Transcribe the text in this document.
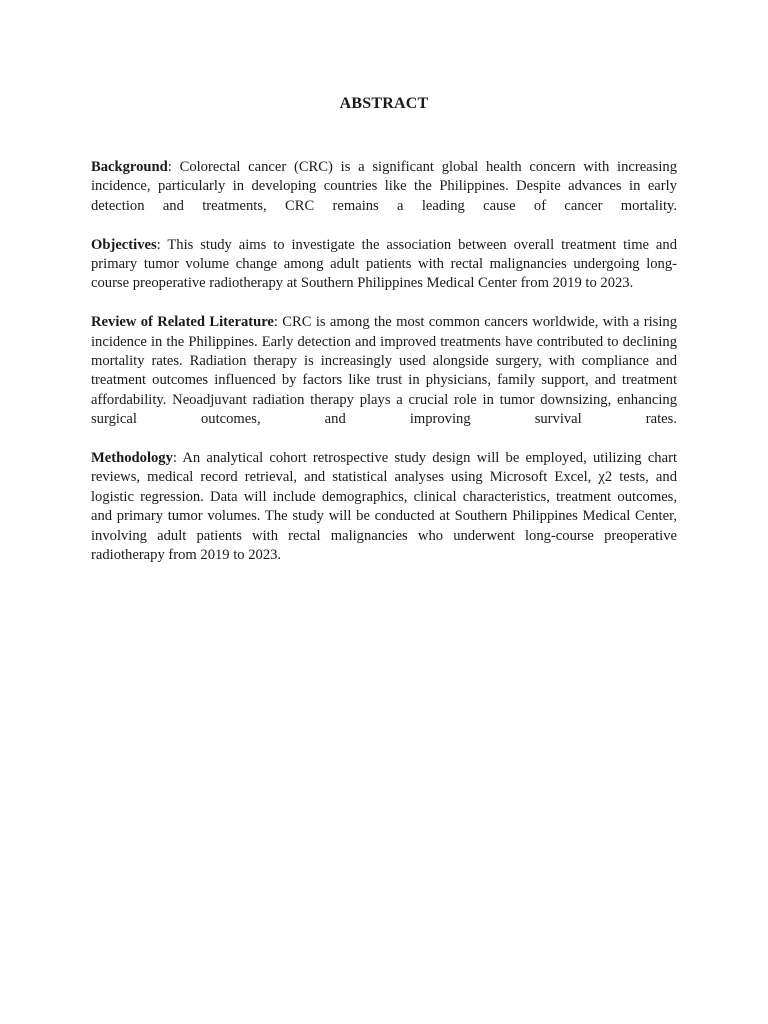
ABSTRACT

Background: Colorectal cancer (CRC) is a significant global health concern with increasing incidence, particularly in developing countries like the Philippines. Despite advances in early detection and treatments, CRC remains a leading cause of cancer mortality.

Objectives: This study aims to investigate the association between overall treatment time and primary tumor volume change among adult patients with rectal malignancies undergoing long-course preoperative radiotherapy at Southern Philippines Medical Center from 2019 to 2023.

Review of Related Literature: CRC is among the most common cancers worldwide, with a rising incidence in the Philippines. Early detection and improved treatments have contributed to declining mortality rates. Radiation therapy is increasingly used alongside surgery, with compliance and treatment outcomes influenced by factors like trust in physicians, family support, and treatment affordability. Neoadjuvant radiation therapy plays a crucial role in tumor downsizing, enhancing surgical outcomes, and improving survival rates.

Methodology: An analytical cohort retrospective study design will be employed, utilizing chart reviews, medical record retrieval, and statistical analyses using Microsoft Excel, χ2 tests, and logistic regression. Data will include demographics, clinical characteristics, treatment outcomes, and primary tumor volumes. The study will be conducted at Southern Philippines Medical Center, involving adult patients with rectal malignancies who underwent long-course preoperative radiotherapy from 2019 to 2023.
